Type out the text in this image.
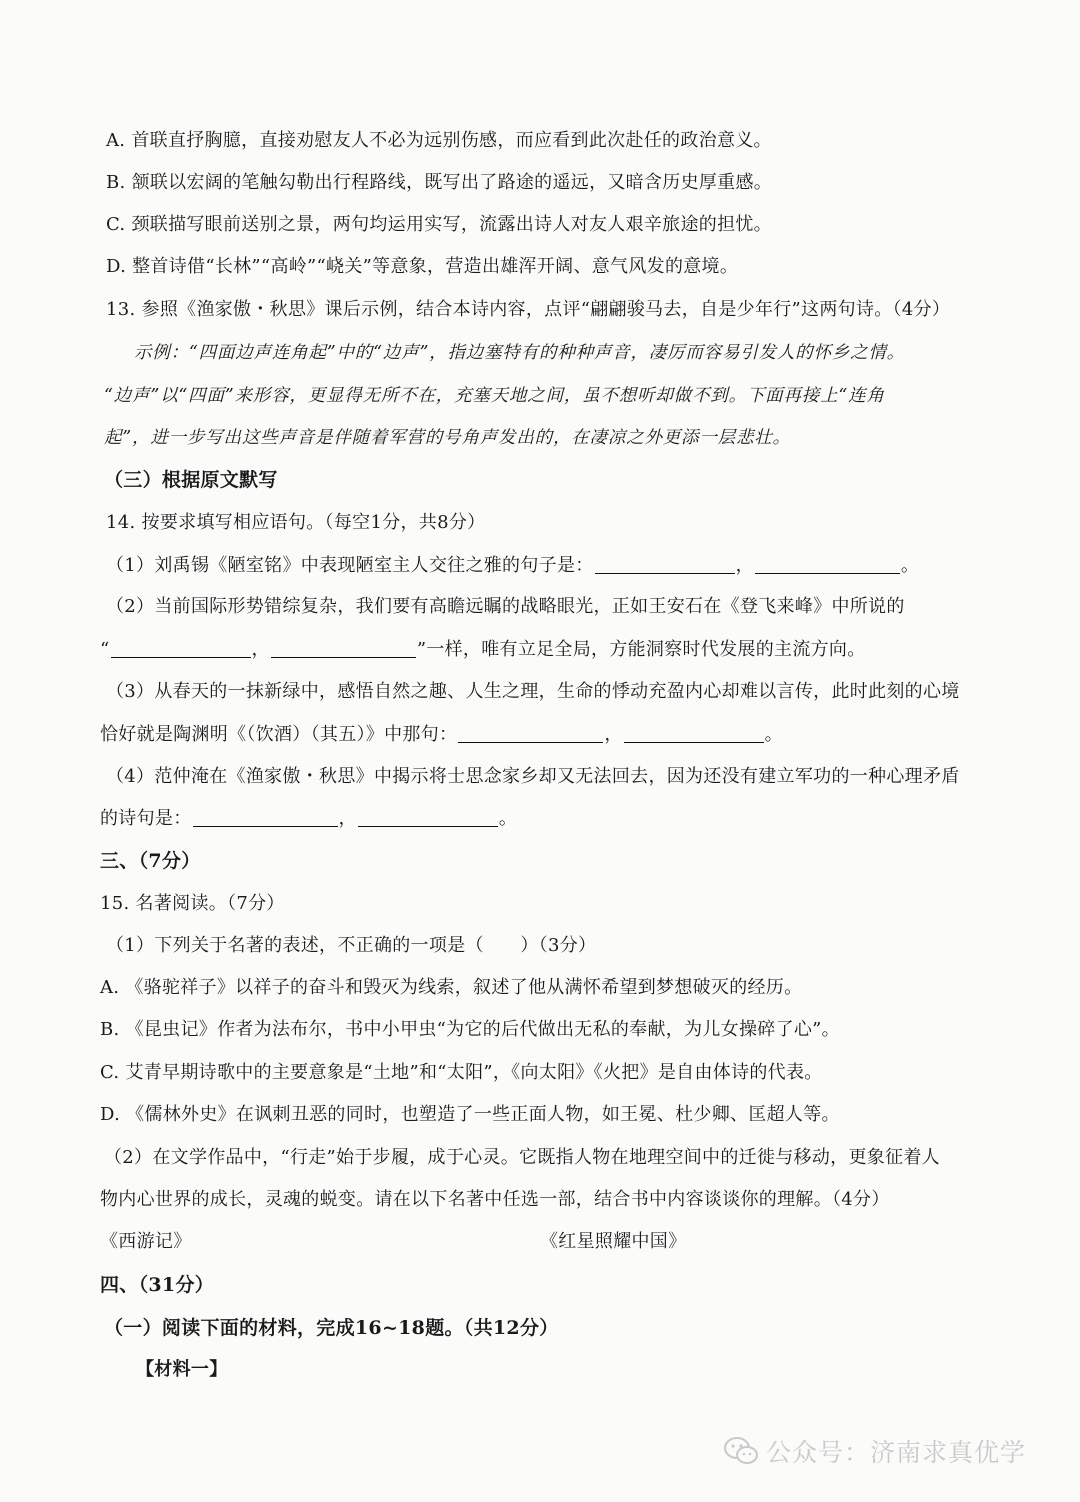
A. 首联直抒胸臆，直接劝慰友人不必为远别伤感，而应看到此次赴任的政治意义。
B. 颔联以宏阔的笔触勾勒出行程路线，既写出了路途的遥远，又暗含历史厚重感。
C. 颈联描写眼前送别之景，两句均运用实写，流露出诗人对友人艰辛旅途的担忧。
D. 整首诗借“长林”“高岭”“峣关”等意象，营造出雄浑开阔、意气风发的意境。
13. 参照《渔家傲・秋思》课后示例，结合本诗内容，点评“翩翩骏马去，自是少年行”这两句诗。（4分）
示例：“四面边声连角起”中的“边声”，指边塞特有的种种声音，凄厉而容易引发人的怀乡之情。
“边声”以“四面”来形容，更显得无所不在，充塞天地之间，虽不想听却做不到。下面再接上“连角
起”，进一步写出这些声音是伴随着军营的号角声发出的，在凄凉之外更添一层悲壮。
（三）根据原文默写
14. 按要求填写相应语句。（每空1分，共8分）
（1）刘禹锡《陋室铭》中表现陋室主人交往之雅的句子是：	，	。
（2）当前国际形势错综复杂，我们要有高瞻远瞩的战略眼光，正如王安石在《登飞来峰》中所说的
“	，	”一样，唯有立足全局，方能洞察时代发展的主流方向。
（3）从春天的一抹新绿中，感悟自然之趣、人生之理，生命的悸动充盈内心却难以言传，此时此刻的心境
恰好就是陶渊明《（饮酒）（其五）》中那句：	，	。
（4）范仲淹在《渔家傲・秋思》中揭示将士思念家乡却又无法回去，因为还没有建立军功的一种心理矛盾
的诗句是：	，	。
三、（7分）
15. 名著阅读。（7分）
（1）下列关于名著的表述，不正确的一项是（　　）（3分）
A. 《骆驼祥子》以祥子的奋斗和毁灭为线索，叙述了他从满怀希望到梦想破灭的经历。
B. 《昆虫记》作者为法布尔，书中小甲虫“为它的后代做出无私的奉献，为儿女操碎了心”。
C. 艾青早期诗歌中的主要意象是“土地”和“太阳”，《向太阳》《火把》是自由体诗的代表。
D. 《儒林外史》在讽刺丑恶的同时，也塑造了一些正面人物，如王冕、杜少卿、匡超人等。
（2）在文学作品中，“行走”始于步履，成于心灵。它既指人物在地理空间中的迁徙与移动，更象征着人
物内心世界的成长，灵魂的蜕变。请在以下名著中任选一部，结合书中内容谈谈你的理解。（4分）
《西游记》	《红星照耀中国》
四、（31分）
（一）阅读下面的材料，完成16~18题。（共12分）
【材料一】
公众号：济南求真优学
